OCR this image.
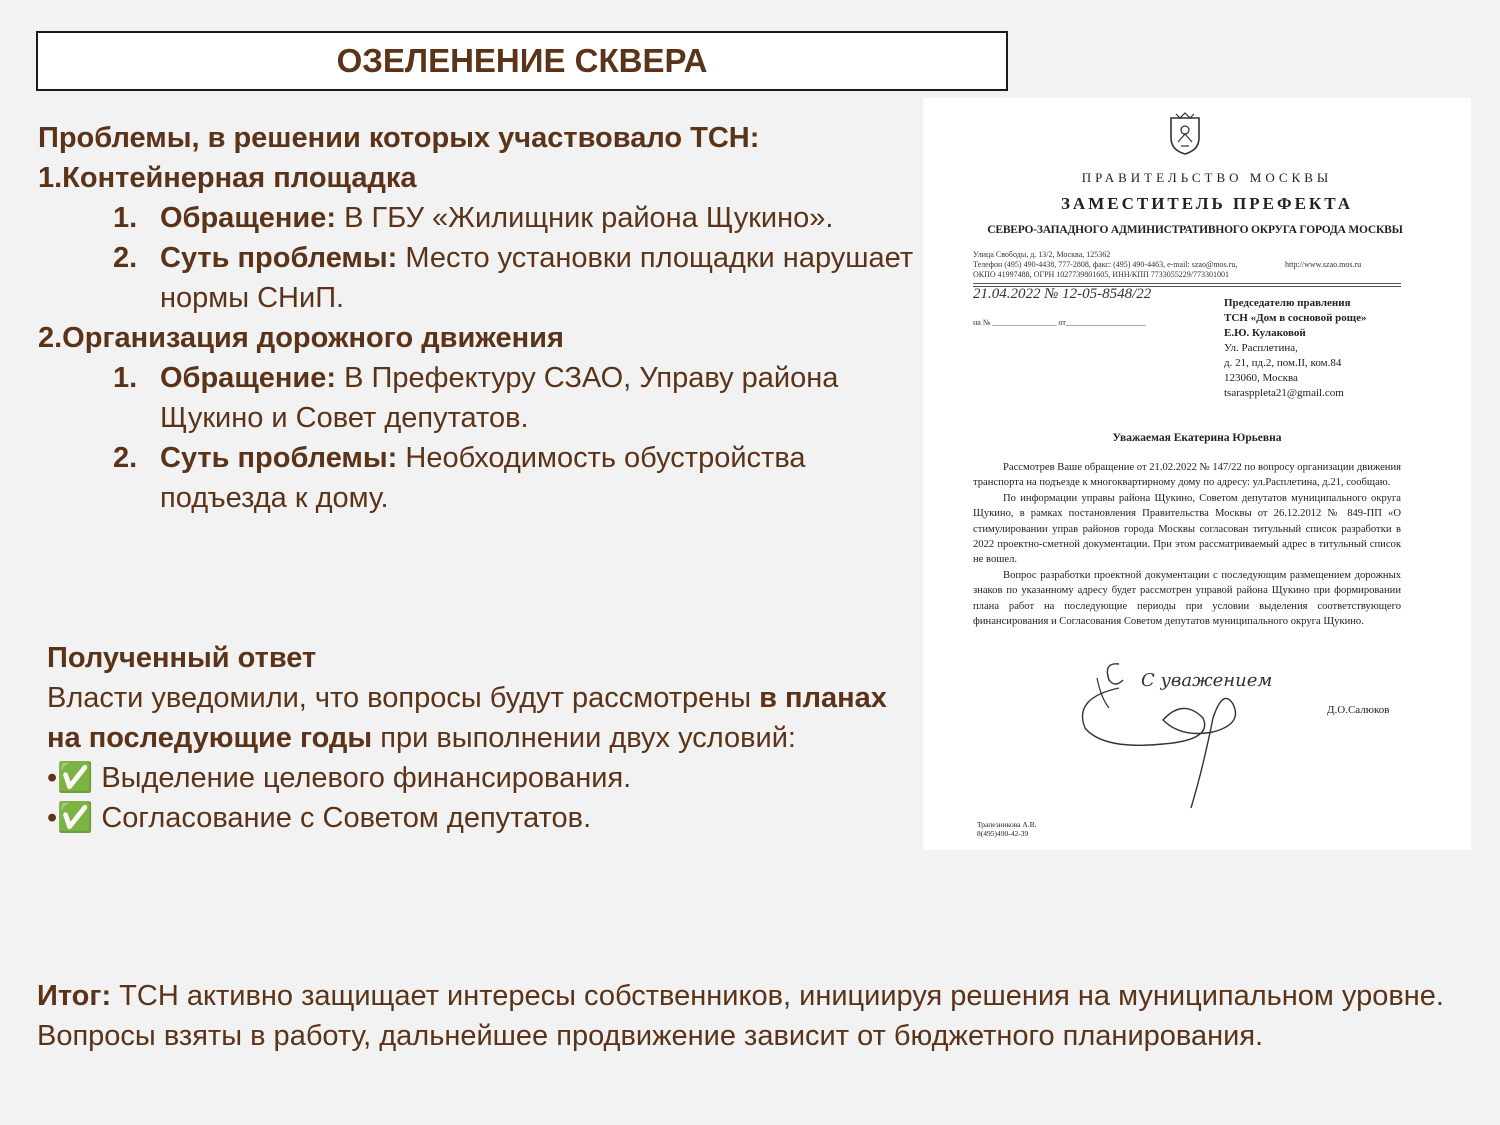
ОЗЕЛЕНЕНИЕ СКВЕРА
Проблемы, в решении которых участвовало ТСН:
1.Контейнерная площадка
1. Обращение: В ГБУ «Жилищник района Щукино».
2. Суть проблемы: Место установки площадки нарушает нормы СНиП.
2.Организация дорожного движения
1. Обращение: В Префектуру СЗАО, Управу района Щукино и Совет депутатов.
2. Суть проблемы: Необходимость обустройства подъезда к дому.
Полученный ответ
Власти уведомили, что вопросы будут рассмотрены в планах на последующие годы при выполнении двух условий:
•✅ Выделение целевого финансирования.
•✅ Согласование с Советом депутатов.
Итог: ТСН активно защищает интересы собственников, инициируя решения на муниципальном уровне. Вопросы взяты в работу, дальнейшее продвижение зависит от бюджетного планирования.
ПРАВИТЕЛЬСТВО МОСКВЫ
ЗАМЕСТИТЕЛЬ ПРЕФЕКТА
СЕВЕРО-ЗАПАДНОГО АДМИНИСТРАТИВНОГО ОКРУГА ГОРОДА МОСКВЫ
Улица Свободы, д. 13/2, Москва, 125362
Телефон (495) 490-4438, 777-2808, факс: (495) 490-4463, e-mail: szao@mos.ru,	http://www.szao.mos.ru
ОКПО 41997488, ОГРН 1027739801605, ИНН/КПП 7733055229/773301001
21.04.2022 № 12-05-8548/22
на № ________________ от____________________
Председателю правления
ТСН «Дом в сосновой роще»
Е.Ю. Кулаковой
Ул. Расплетина,
д. 21, пд.2, пом.II, ком.84
123060, Москва
tsarasppleta21@gmail.com
Уважаемая Екатерина Юрьевна

Рассмотрев Ваше обращение от 21.02.2022 № 147/22 по вопросу организации движения транспорта на подъезде к многоквартирному дому по адресу: ул.Расплетина, д.21, сообщаю.

По информации управы района Щукино, Советом депутатов муниципального округа Щукино, в рамках постановления Правительства Москвы от 26.12.2012 № 849-ПП «О стимулировании управ районов города Москвы согласован титульный список разработки в 2022 проектно-сметной документации. При этом рассматриваемый адрес в титульный список не вошел.

Вопрос разработки проектной документации с последующим размещением дорожных знаков по указанному адресу будет рассмотрен управой района Щукино при формировании плана работ на последующие периоды при условии выделения соответствующего финансирования и Согласования Советом депутатов муниципального округа Щукино.

С уважением
Д.О.Салюков
Трапезникова А.В.
8(495)490-42-39
